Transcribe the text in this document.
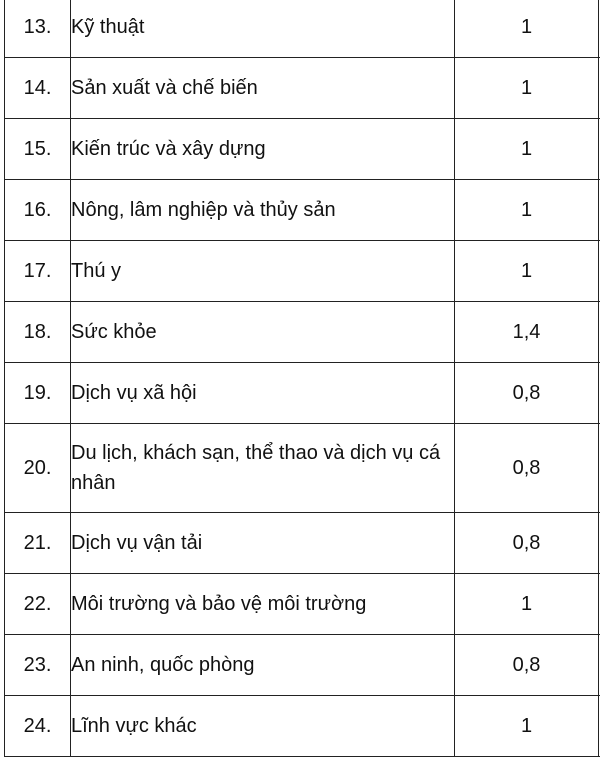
13.	Kỹ thuật	1	
14.	Sản xuất và chế biến	1	
15.	Kiến trúc và xây dựng	1	
16.	Nông, lâm nghiệp và thủy sản	1	
17.	Thú y	1	
18.	Sức khỏe	1,4	
19.	Dịch vụ xã hội	0,8	
20.	Du lịch, khách sạn, thể thao và dịch vụ cá nhân	0,8	
21.	Dịch vụ vận tải	0,8	
22.	Môi trường và bảo vệ môi trường	1	
23.	An ninh, quốc phòng	0,8	
24.	Lĩnh vực khác	1	
